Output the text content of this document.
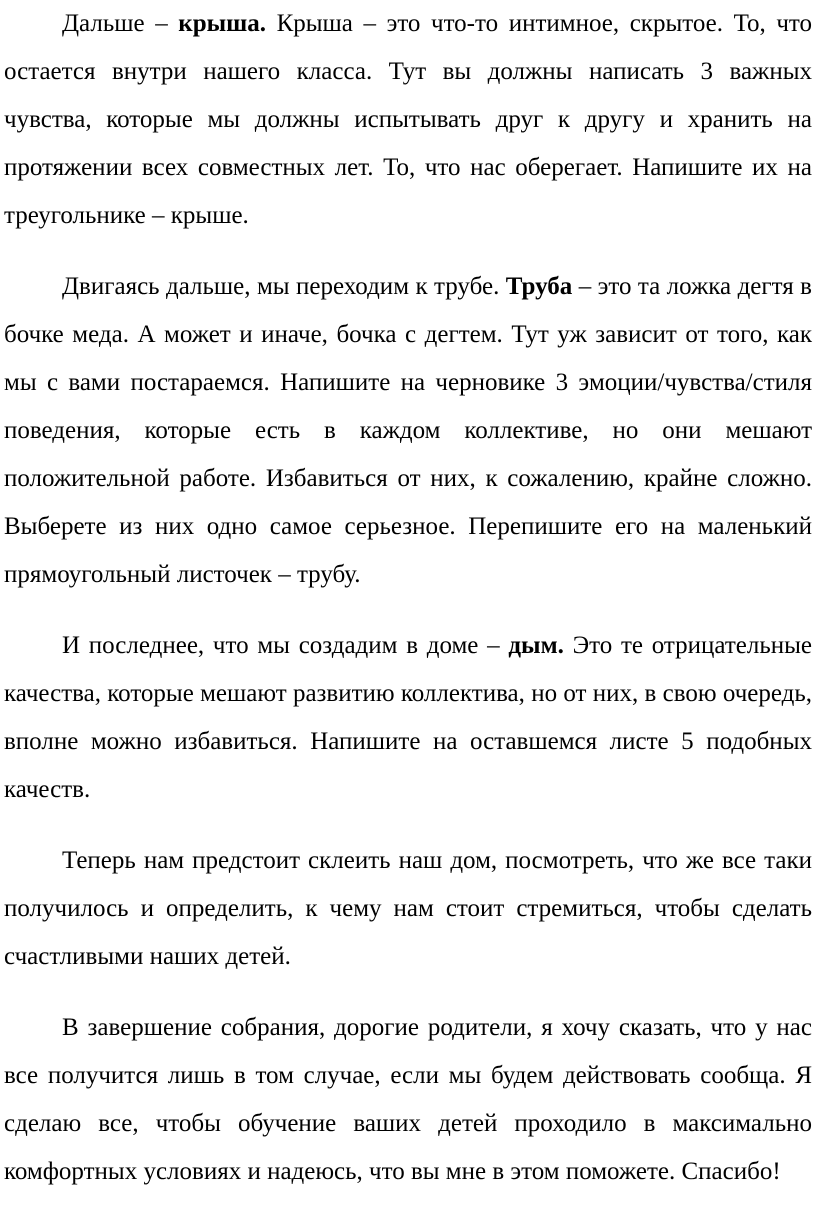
Дальше – крыша. Крыша – это что-то интимное, скрытое. То, что остается внутри нашего класса. Тут вы должны написать 3 важных чувства, которые мы должны испытывать друг к другу и хранить на протяжении всех совместных лет. То, что нас оберегает. Напишите их на треугольнике – крыше.

Двигаясь дальше, мы переходим к трубе. Труба – это та ложка дегтя в бочке меда. А может и иначе, бочка с дегтем. Тут уж зависит от того, как мы с вами постараемся. Напишите на черновике 3 эмоции/чувства/стиля поведения, которые есть в каждом коллективе, но они мешают положительной работе. Избавиться от них, к сожалению, крайне сложно. Выберете из них одно самое серьезное. Перепишите его на маленький прямоугольный листочек – трубу.

И последнее, что мы создадим в доме – дым. Это те отрицательные качества, которые мешают развитию коллектива, но от них, в свою очередь, вполне можно избавиться. Напишите на оставшемся листе 5 подобных качеств.

Теперь нам предстоит склеить наш дом, посмотреть, что же все таки получилось и определить, к чему нам стоит стремиться, чтобы сделать счастливыми наших детей.

В завершение собрания, дорогие родители, я хочу сказать, что у нас все получится лишь в том случае, если мы будем действовать сообща. Я сделаю все, чтобы обучение ваших детей проходило в максимально комфортных условиях и надеюсь, что вы мне в этом поможете. Спасибо!
